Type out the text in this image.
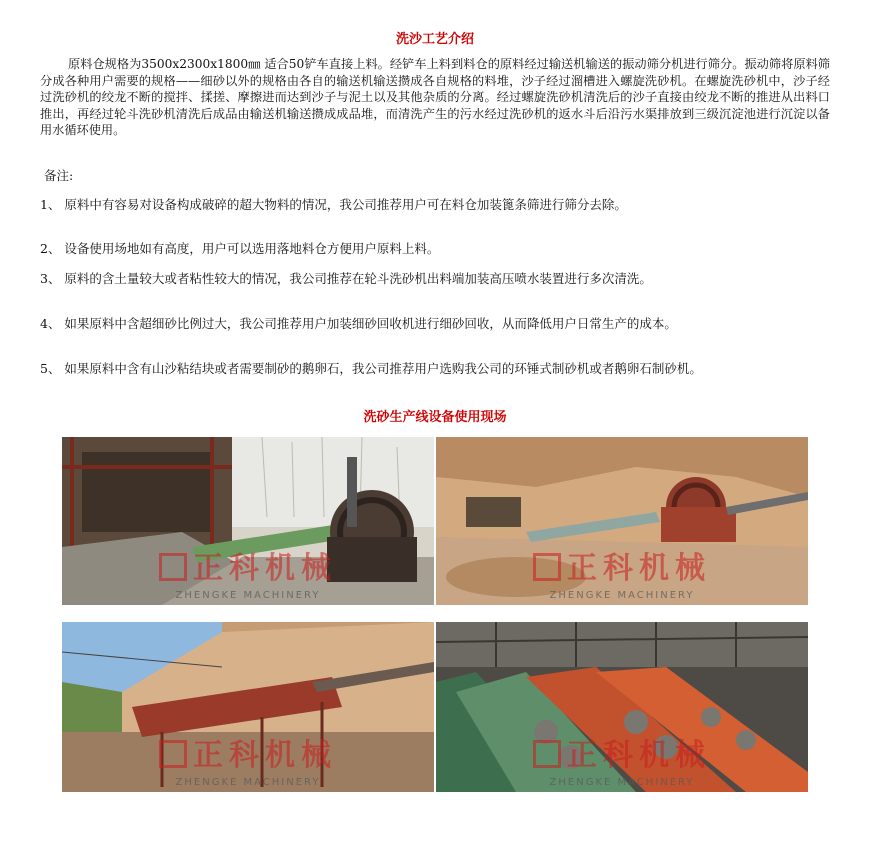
洗沙工艺介绍
原料仓规格为3500x2300x1800㎜ 适合50铲车直接上料。经铲车上料到料仓的原料经过输送机输送的振动筛分机进行筛分。振动筛将原料筛分成各种用户需要的规格——细砂以外的规格由各自的输送机输送攒成各自规格的料堆，沙子经过溜槽进入螺旋洗砂机。在螺旋洗砂机中，沙子经过洗砂机的绞龙不断的搅拌、揉搓、摩擦进而达到沙子与泥土以及其他杂质的分离。经过螺旋洗砂机清洗后的沙子直接由绞龙不断的推进从出料口推出，再经过轮斗洗砂机清洗后成品由输送机输送攒成成品堆，而清洗产生的污水经过洗砂机的返水斗后沿污水渠排放到三级沉淀池进行沉淀以备用水循环使用。
备注:
1、 原料中有容易对设备构成破碎的超大物料的情况，我公司推荐用户可在料仓加装篦条筛进行筛分去除。
2、 设备使用场地如有高度，用户可以选用落地料仓方便用户原料上料。
3、 原料的含土量较大或者粘性较大的情况，我公司推荐在轮斗洗砂机出料端加装高压喷水装置进行多次清洗。
4、 如果原料中含超细砂比例过大，我公司推荐用户加装细砂回收机进行细砂回收，从而降低用户日常生产的成本。
5、 如果原料中含有山沙粘结块或者需要制砂的鹅卵石，我公司推荐用户选购我公司的环锤式制砂机或者鹅卵石制砂机。
洗砂生产线设备使用现场
正科机械
ZHENGKE MACHINERY
正科机械
ZHENGKE MACHINERY
正科机械
ZHENGKE MACHINERY
正科机械
ZHENGKE MACHINERY
